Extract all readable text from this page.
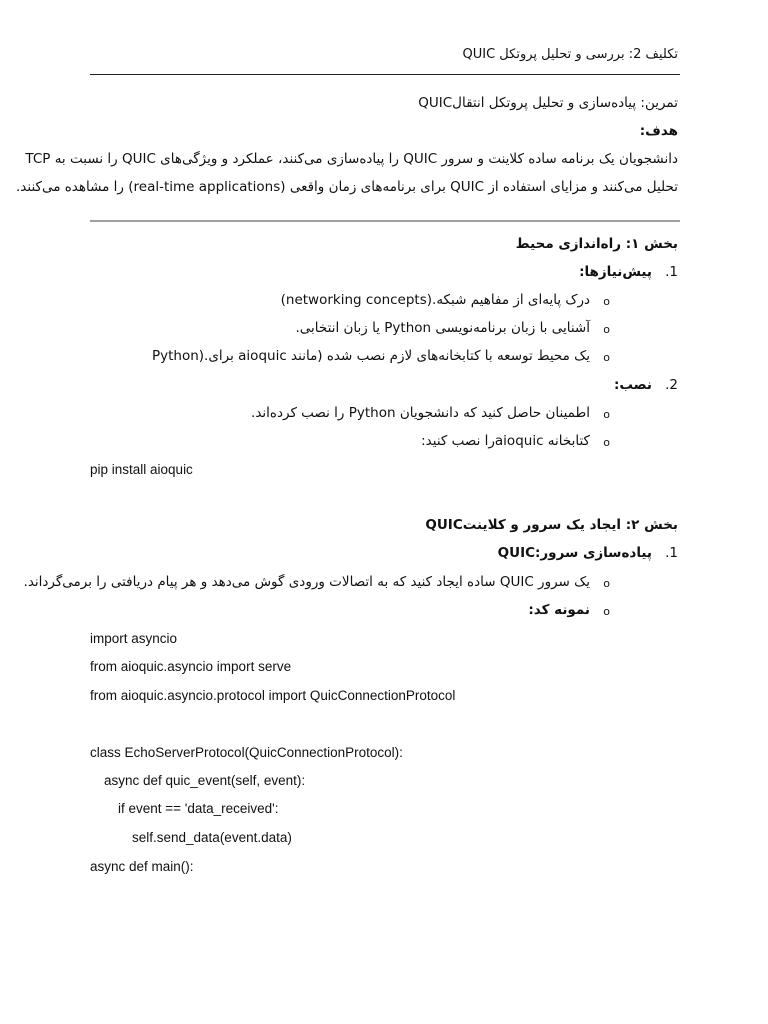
تکلیف 2: بررسی و تحلیل پروتکل QUIC
تمرین: پیاده‌سازی و تحلیل پروتکل انتقالQUIC
هدف:
دانشجویان یک برنامه ساده کلاینت و سرور QUIC را پیاده‌سازی می‌کنند، عملکرد و ویژگی‌های QUIC را نسبت به TCP
تحلیل می‌کنند و مزایای استفاده از QUIC برای برنامه‌های زمان واقعی (real-time applications) را مشاهده می‌کنند.
بخش ۱: راه‌اندازی محیط
.1
پیش‌نیازها:
o
درک پایه‌ای از مفاهیم شبکه.(networking concepts)
o
آشنایی با زبان برنامه‌نویسی Python یا زبان انتخابی.
o
یک محیط توسعه با کتابخانه‌های لازم نصب شده (مانند aioquic برای.(Python
.2
نصب:
o
اطمینان حاصل کنید که دانشجویان Python را نصب کرده‌اند.
o
کتابخانه aioquicرا نصب کنید:
pip install aioquic
بخش ۲: ایجاد یک سرور و کلاینتQUIC
.1
پیاده‌سازی سرور:QUIC
o
یک سرور QUIC ساده ایجاد کنید که به اتصالات ورودی گوش می‌دهد و هر پیام دریافتی را برمی‌گرداند.
o
نمونه کد:
import asyncio
from aioquic.asyncio import serve
from aioquic.asyncio.protocol import QuicConnectionProtocol
class EchoServerProtocol(QuicConnectionProtocol):
async def quic_event(self, event):
if event == 'data_received':
self.send_data(event.data)
async def main():
